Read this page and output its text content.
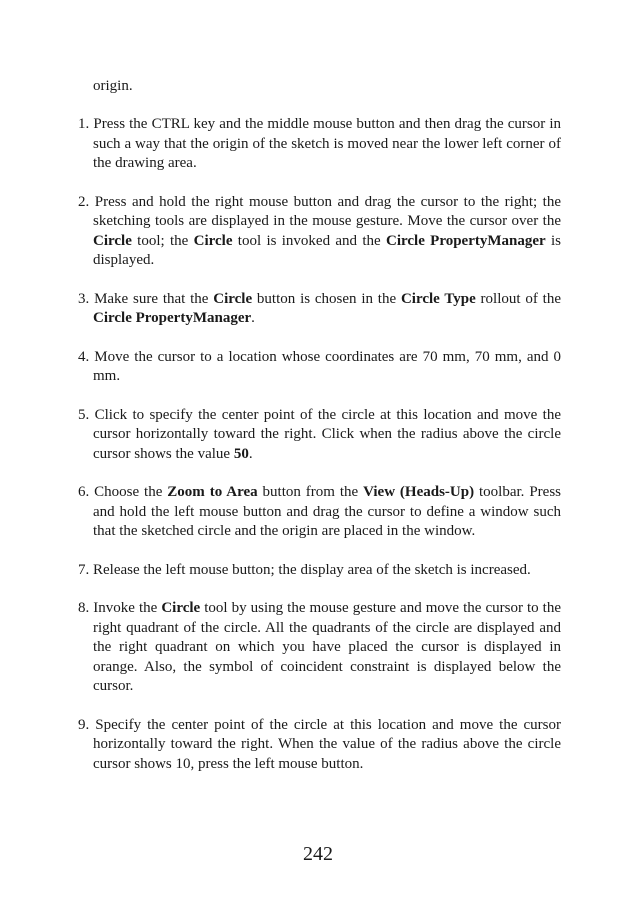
origin.

1. Press the CTRL key and the middle mouse button and then drag the cursor in such a way that the origin of the sketch is moved near the lower left corner of the drawing area.
2. Press and hold the right mouse button and drag the cursor to the right; the sketching tools are displayed in the mouse gesture. Move the cursor over the Circle tool; the Circle tool is invoked and the Circle PropertyManager is displayed.
3. Make sure that the Circle button is chosen in the Circle Type rollout of the Circle PropertyManager.
4. Move the cursor to a location whose coordinates are 70 mm, 70 mm, and 0 mm.
5. Click to specify the center point of the circle at this location and move the cursor horizontally toward the right. Click when the radius above the circle cursor shows the value 50.
6. Choose the Zoom to Area button from the View (Heads-Up) toolbar. Press and hold the left mouse button and drag the cursor to define a window such that the sketched circle and the origin are placed in the window.
7. Release the left mouse button; the display area of the sketch is increased.
8. Invoke the Circle tool by using the mouse gesture and move the cursor to the right quadrant of the circle. All the quadrants of the circle are displayed and the right quadrant on which you have placed the cursor is displayed in orange. Also, the symbol of coincident constraint is displayed below the cursor.
9. Specify the center point of the circle at this location and move the cursor horizontally toward the right. When the value of the radius above the circle cursor shows 10, press the left mouse button.
242
